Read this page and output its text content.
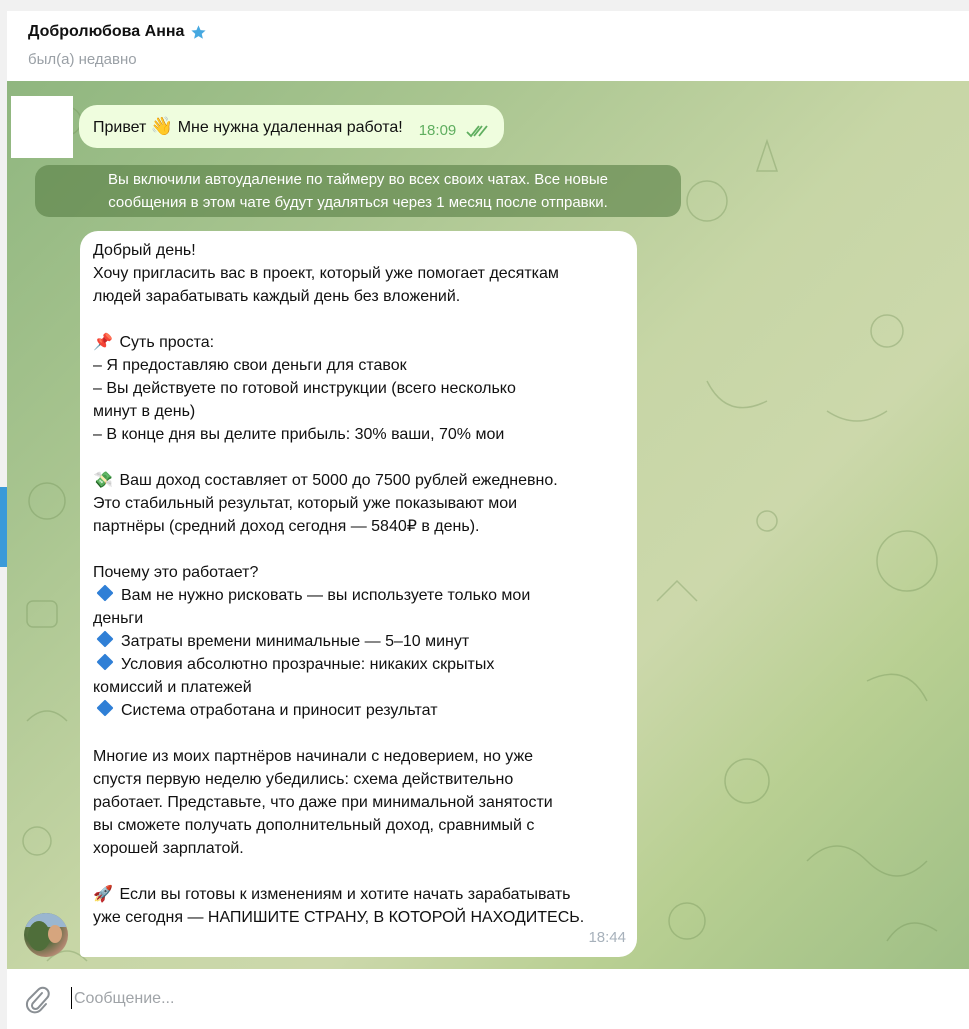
Добролюбова Анна
был(а) недавно
Привет 👋 Мне нужна удаленная работа! 18:09
Вы включили автоудаление по таймеру во всех своих чатах. Все новые
сообщения в этом чате будут удаляться через 1 месяц после отправки.
Добрый день!
Хочу пригласить вас в проект, который уже помогает десяткам
людей зарабатывать каждый день без вложений.
📌 Суть проста:
– Я предоставляю свои деньги для ставок
– Вы действуете по готовой инструкции (всего несколько
минут в день)
– В конце дня вы делите прибыль: 30% ваши, 70% мои
💸 Ваш доход составляет от 5000 до 7500 рублей ежедневно.
Это стабильный результат, который уже показывают мои
партнёры (средний доход сегодня — 5840₽ в день).
Почему это работает?
Вам не нужно рисковать — вы используете только мои
деньги
Затраты времени минимальные — 5–10 минут
Условия абсолютно прозрачные: никаких скрытых
комиссий и платежей
Система отработана и приносит результат
Многие из моих партнёров начинали с недоверием, но уже
спустя первую неделю убедились: схема действительно
работает. Представьте, что даже при минимальной занятости
вы сможете получать дополнительный доход, сравнимый с
хорошей зарплатой.
🚀 Если вы готовы к изменениям и хотите начать зарабатывать
уже сегодня — НАПИШИТЕ СТРАНУ, В КОТОРОЙ НАХОДИТЕСЬ.
18:44
Сообщение...
